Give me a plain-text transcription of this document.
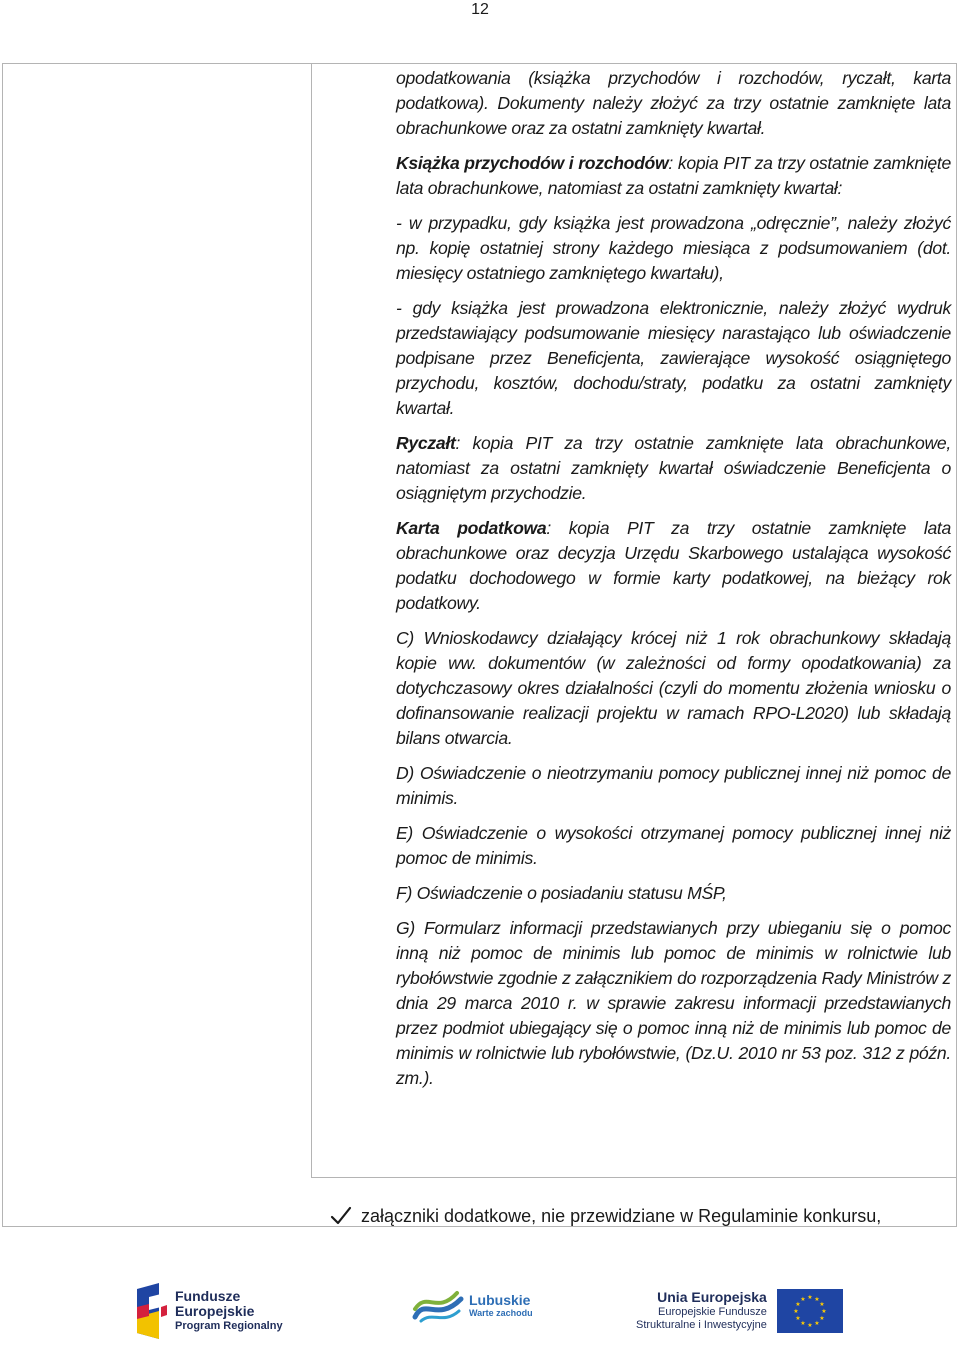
12

opodatkowania (książka przychodów i rozchodów, ryczałt, karta podatkowa). Dokumenty należy złożyć za trzy ostatnie zamknięte lata obrachunkowe oraz za ostatni zamknięty kwartał.

Książka przychodów i rozchodów: kopia PIT za trzy ostatnie zamknięte lata obrachunkowe, natomiast za ostatni zamknięty kwartał:

- w przypadku, gdy książka jest prowadzona „odręcznie”, należy złożyć np. kopię ostatniej strony każdego miesiąca z podsumowaniem (dot. miesięcy ostatniego zamkniętego kwartału),

- gdy książka jest prowadzona elektronicznie, należy złożyć wydruk przedstawiający podsumowanie miesięcy narastająco lub oświadczenie podpisane przez Beneficjenta, zawierające wysokość osiągniętego przychodu, kosztów, dochodu/straty, podatku za ostatni zamknięty kwartał.

Ryczałt: kopia PIT za trzy ostatnie zamknięte lata obrachunkowe, natomiast za ostatni zamknięty kwartał oświadczenie Beneficjenta o osiągniętym przychodzie.

Karta podatkowa: kopia PIT za trzy ostatnie zamknięte lata obrachunkowe oraz decyzja Urzędu Skarbowego ustalająca wysokość podatku dochodowego w formie karty podatkowej, na bieżący rok podatkowy.

C) Wnioskodawcy działający krócej niż 1 rok obrachunkowy składają kopie ww. dokumentów (w zależności od formy opodatkowania) za dotychczasowy okres działalności (czyli do momentu złożenia wniosku o dofinansowanie realizacji projektu w ramach RPO-L2020) lub składają bilans otwarcia.

D) Oświadczenie o nieotrzymaniu pomocy publicznej innej niż pomoc de minimis.

E) Oświadczenie o wysokości otrzymanej pomocy publicznej innej niż pomoc de minimis.

F) Oświadczenie o posiadaniu statusu MŚP,

G) Formularz informacji przedstawianych przy ubieganiu się o pomoc inną niż pomoc de minimis lub pomoc de minimis w rolnictwie lub rybołówstwie zgodnie z załącznikiem do rozporządzenia Rady Ministrów z dnia 29 marca 2010 r. w sprawie zakresu informacji przedstawianych przez podmiot ubiegający się o pomoc inną niż de minimis lub pomoc de minimis w rolnictwie lub rybołówstwie, (Dz.U. 2010 nr 53 poz. 312 z późn. zm.).

załączniki dodatkowe, nie przewidziane w Regulaminie konkursu,
Fundusze
Europejskie
Program Regionalny
Lubuskie
Warte zachodu
Unia Europejska
Europejskie Fundusze
Strukturalne i Inwestycyjne
★ ★
★
★
★
★
★
★
★
★
★
★
